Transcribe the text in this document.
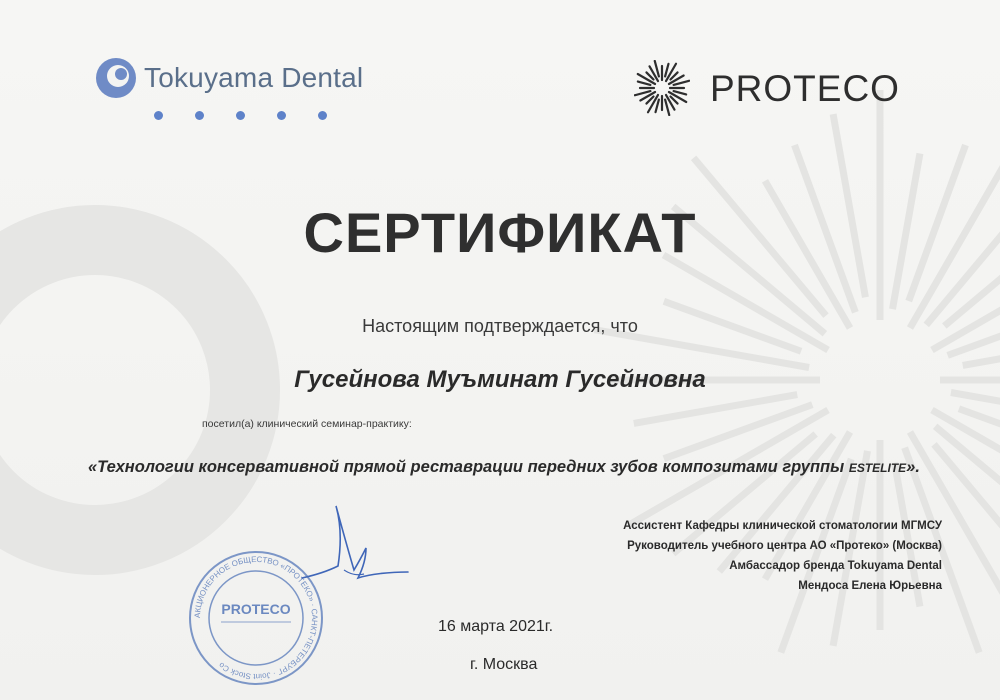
Tokuyama Dental	PROTECO
СЕРТИФИКАТ
Настоящим подтверждается, что
Гусейнова Муъминат Гусейновна
посетил(а) клинический семинар-практику:
«Технологии консервативной прямой реставрации передних зубов композитами группы ESTELITE».
Ассистент Кафедры клинической стоматологии МГМСУ
Руководитель учебного центра АО «Протеко» (Москва)
Амбассадор бренда Tokuyama Dental
Мендоса Елена Юрьевна
АКЦИОНЕРНОЕ ОБЩЕСТВО «ПРОТЕКО» · САНКТ-ПЕТЕРБУРГ · Joint Stock Co
PROTECO
16 марта 2021г.
г. Москва
